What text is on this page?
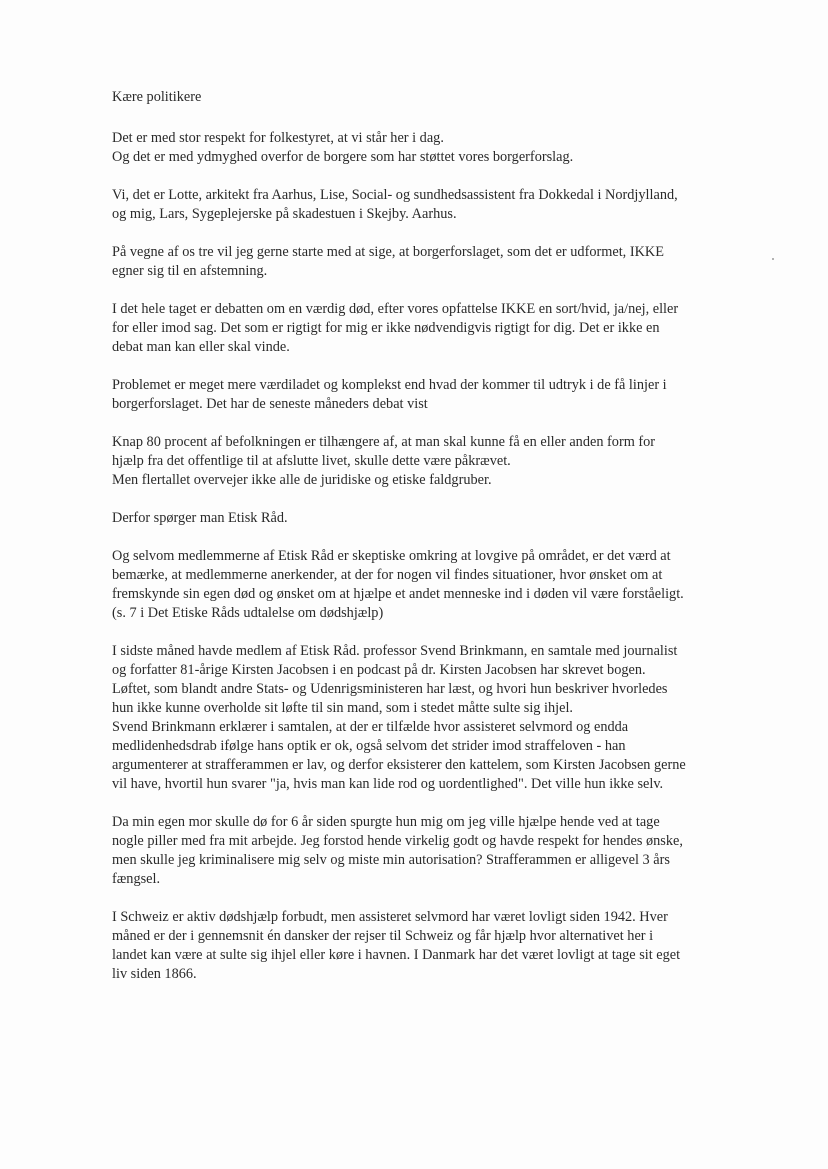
Kære politikere
Det er med stor respekt for folkestyret, at vi står her i dag.
Og det er med ydmyghed overfor de borgere som har støttet vores borgerforslag.
Vi, det er Lotte, arkitekt fra Aarhus, Lise, Social- og sundhedsassistent fra Dokkedal i Nordjylland,
og mig, Lars, Sygeplejerske på skadestuen i Skejby. Aarhus.
På vegne af os tre vil jeg gerne starte med at sige, at borgerforslaget, som det er udformet, IKKE
egner sig til en afstemning.
I det hele taget er debatten om en værdig død, efter vores opfattelse IKKE en sort/hvid, ja/nej, eller
for eller imod sag. Det som er rigtigt for mig er ikke nødvendigvis rigtigt for dig. Det er ikke en
debat man kan eller skal vinde.
Problemet er meget mere værdiladet og komplekst end hvad der kommer til udtryk i de få linjer i
borgerforslaget. Det har de seneste måneders debat vist
Knap 80 procent af befolkningen er tilhængere af, at man skal kunne få en eller anden form for
hjælp fra det offentlige til at afslutte livet, skulle dette være påkrævet.
Men flertallet overvejer ikke alle de juridiske og etiske faldgruber.
Derfor spørger man Etisk Råd.
Og selvom medlemmerne af Etisk Råd er skeptiske omkring at lovgive på området, er det værd at
bemærke, at medlemmerne anerkender, at der for nogen vil findes situationer, hvor ønsket om at
fremskynde sin egen død og ønsket om at hjælpe et andet menneske ind i døden vil være forståeligt.
(s. 7 i Det Etiske Råds udtalelse om dødshjælp)
I sidste måned havde medlem af Etisk Råd. professor Svend Brinkmann, en samtale med journalist
og forfatter 81-årige Kirsten Jacobsen i en podcast på dr. Kirsten Jacobsen har skrevet bogen.
Løftet, som blandt andre Stats- og Udenrigsministeren har læst, og hvori hun beskriver hvorledes
hun ikke kunne overholde sit løfte til sin mand, som i stedet måtte sulte sig ihjel.
Svend Brinkmann erklærer i samtalen, at der er tilfælde hvor assisteret selvmord og endda
medlidenhedsdrab ifølge hans optik er ok, også selvom det strider imod straffeloven - han
argumenterer at strafferammen er lav, og derfor eksisterer den kattelem, som Kirsten Jacobsen gerne
vil have, hvortil hun svarer "ja, hvis man kan lide rod og uordentlighed". Det ville hun ikke selv.
Da min egen mor skulle dø for 6 år siden spurgte hun mig om jeg ville hjælpe hende ved at tage
nogle piller med fra mit arbejde. Jeg forstod hende virkelig godt og havde respekt for hendes ønske,
men skulle jeg kriminalisere mig selv og miste min autorisation? Strafferammen er alligevel 3 års
fængsel.
I Schweiz er aktiv dødshjælp forbudt, men assisteret selvmord har været lovligt siden 1942. Hver
måned er der i gennemsnit én dansker der rejser til Schweiz og får hjælp hvor alternativet her i
landet kan være at sulte sig ihjel eller køre i havnen. I Danmark har det været lovligt at tage sit eget
liv siden 1866.
